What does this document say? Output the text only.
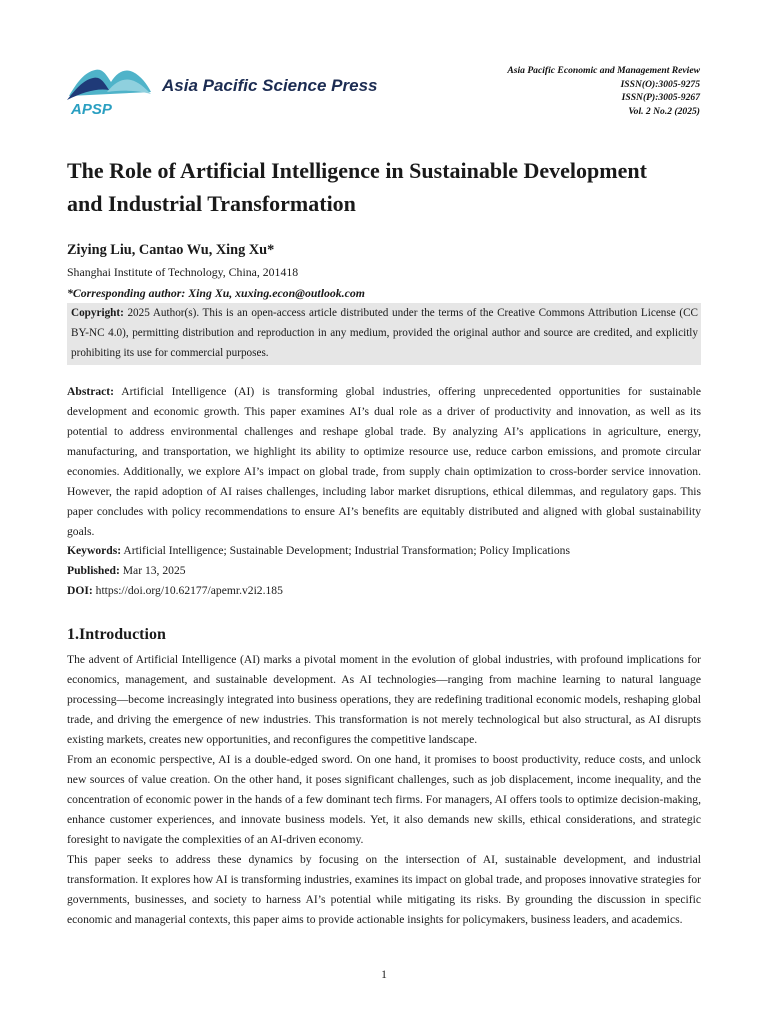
APSP
Asia Pacific Science Press
Asia Pacific Economic and Management Review
ISSN(O):3005-9275
ISSN(P):3005-9267
Vol. 2 No.2 (2025)
The Role of Artificial Intelligence in Sustainable Development
and Industrial Transformation

Ziying Liu, Cantao Wu, Xing Xu*

Shanghai Institute of Technology, China, 201418

*Corresponding author: Xing Xu, xuxing.econ@outlook.com

Copyright: 2025 Author(s). This is an open-access article distributed under the terms of the Creative Commons Attribution License (CC BY-NC 4.0), permitting distribution and reproduction in any medium, provided the original author and source are credited, and explicitly prohibiting its use for commercial purposes.

Abstract: Artificial Intelligence (AI) is transforming global industries, offering unprecedented opportunities for sustainable development and economic growth. This paper examines AI’s dual role as a driver of productivity and innovation, as well as its potential to address environmental challenges and reshape global trade. By analyzing AI’s applications in agriculture, energy, manufacturing, and transportation, we highlight its ability to optimize resource use, reduce carbon emissions, and promote circular economies. Additionally, we explore AI’s impact on global trade, from supply chain optimization to cross-border service innovation. However, the rapid adoption of AI raises challenges, including labor market disruptions, ethical dilemmas, and regulatory gaps. This paper concludes with policy recommendations to ensure AI’s benefits are equitably distributed and aligned with global sustainability goals.

Keywords: Artificial Intelligence; Sustainable Development; Industrial Transformation; Policy Implications

Published: Mar 13, 2025

DOI: https://doi.org/10.62177/apemr.v2i2.185

1.Introduction

The advent of Artificial Intelligence (AI) marks a pivotal moment in the evolution of global industries, with profound implications for economics, management, and sustainable development. As AI technologies—ranging from machine learning to natural language processing—become increasingly integrated into business operations, they are redefining traditional economic models, reshaping global trade, and driving the emergence of new industries. This transformation is not merely technological but also structural, as AI disrupts existing markets, creates new opportunities, and reconfigures the competitive landscape.

From an economic perspective, AI is a double-edged sword. On one hand, it promises to boost productivity, reduce costs, and unlock new sources of value creation. On the other hand, it poses significant challenges, such as job displacement, income inequality, and the concentration of economic power in the hands of a few dominant tech firms. For managers, AI offers tools to optimize decision-making, enhance customer experiences, and innovate business models. Yet, it also demands new skills, ethical considerations, and strategic foresight to navigate the complexities of an AI-driven economy.

This paper seeks to address these dynamics by focusing on the intersection of AI, sustainable development, and industrial transformation. It explores how AI is transforming industries, examines its impact on global trade, and proposes innovative strategies for governments, businesses, and society to harness AI’s potential while mitigating its risks. By grounding the discussion in specific economic and managerial contexts, this paper aims to provide actionable insights for policymakers, business leaders, and academics.

1
